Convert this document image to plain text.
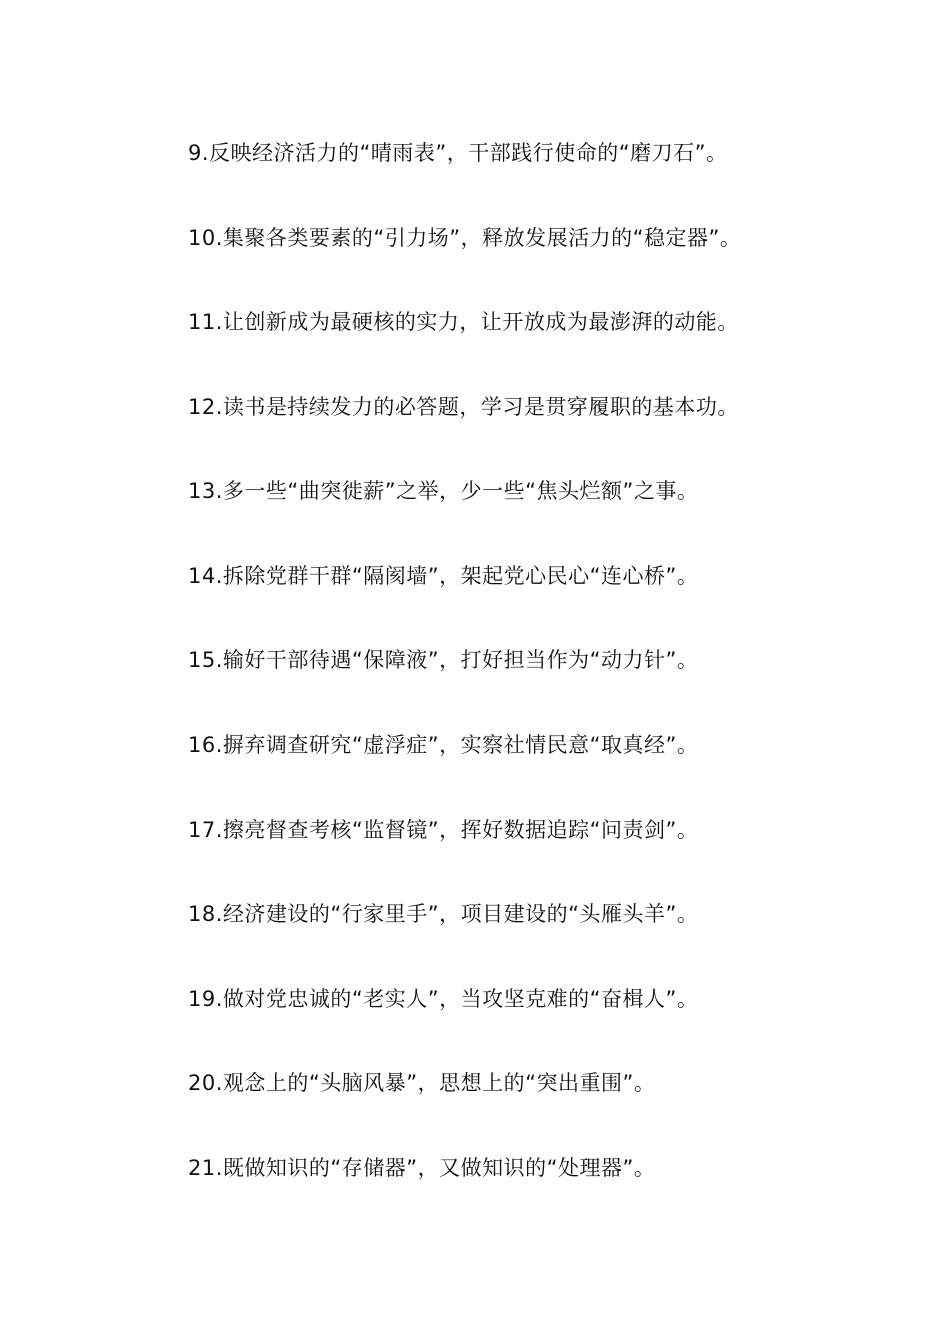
9.反映经济活力的“晴雨表”，干部践行使命的“磨刀石”。
10.集聚各类要素的“引力场”，释放发展活力的“稳定器”。
11.让创新成为最硬核的实力，让开放成为最澎湃的动能。
12.读书是持续发力的必答题，学习是贯穿履职的基本功。
13.多一些“曲突徙薪”之举，少一些“焦头烂额”之事。
14.拆除党群干群“隔阂墙”，架起党心民心“连心桥”。
15.输好干部待遇“保障液”，打好担当作为“动力针”。
16.摒弃调查研究“虚浮症”，实察社情民意“取真经”。
17.擦亮督查考核“监督镜”，挥好数据追踪“问责剑”。
18.经济建设的“行家里手”，项目建设的“头雁头羊”。
19.做对党忠诚的“老实人”，当攻坚克难的“奋楫人”。
20.观念上的“头脑风暴”，思想上的“突出重围”。
21.既做知识的“存储器”，又做知识的“处理器”。
